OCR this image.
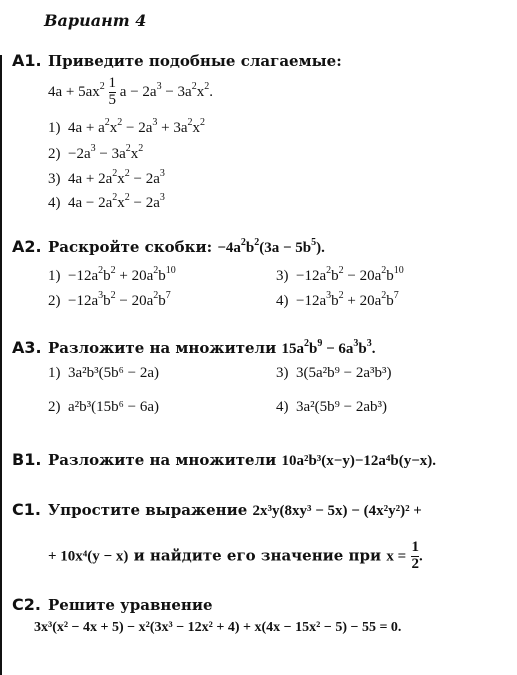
Вариант 4
A1. Приведите подобные слагаемые:
$4a + 5ax^2 \frac{1}{5}$ $a - 2a^3 - 3a^2x^2$.
1) $4a + a^2x^2 - 2a^3 + 3a^2x^2$
$2) -2a^3 - 3a^2x^2$
3) $4a + 2a^2x^2 - 2a^3$
4) $4a - 2a^2x^2 - 2a^3$
A2. Раскройте скобки: $-4a^2b^2(3a - 5b^5)$.
$1) -12a^2b^2 + 20a^2b^{10}$	$3) -12a^2b^2 - 20a^2b^{10}$
$2) -12a^3b^2 - 20a^2b^7$	$4) -12a^3b^2 + 20a^2b^7$
A3. Разложите на множители $15a^2b^9 - 6a^3b^3$.
1) 3a²b³(5b⁶ − 2a)	3) 3(5a²b⁹ − 2a³b³)
2) a²b³(15b⁶ − 6a)	4) 3a²(5b⁹ − 2ab³)
B1. Разложите на множители 10a²b³(x−y)−12a⁴b(y−x).
C1. Упростите выражение 2x³y(8xy³ − 5x) − (4x²y²)² +
+ 10x⁴(y − x) и найдите его значение при $x = \frac{1}{2}$ .
C2. Решите уравнение
3x³(x² − 4x + 5) − x²(3x³ − 12x² + 4) + x(4x − 15x² − 5) − 55 = 0.
